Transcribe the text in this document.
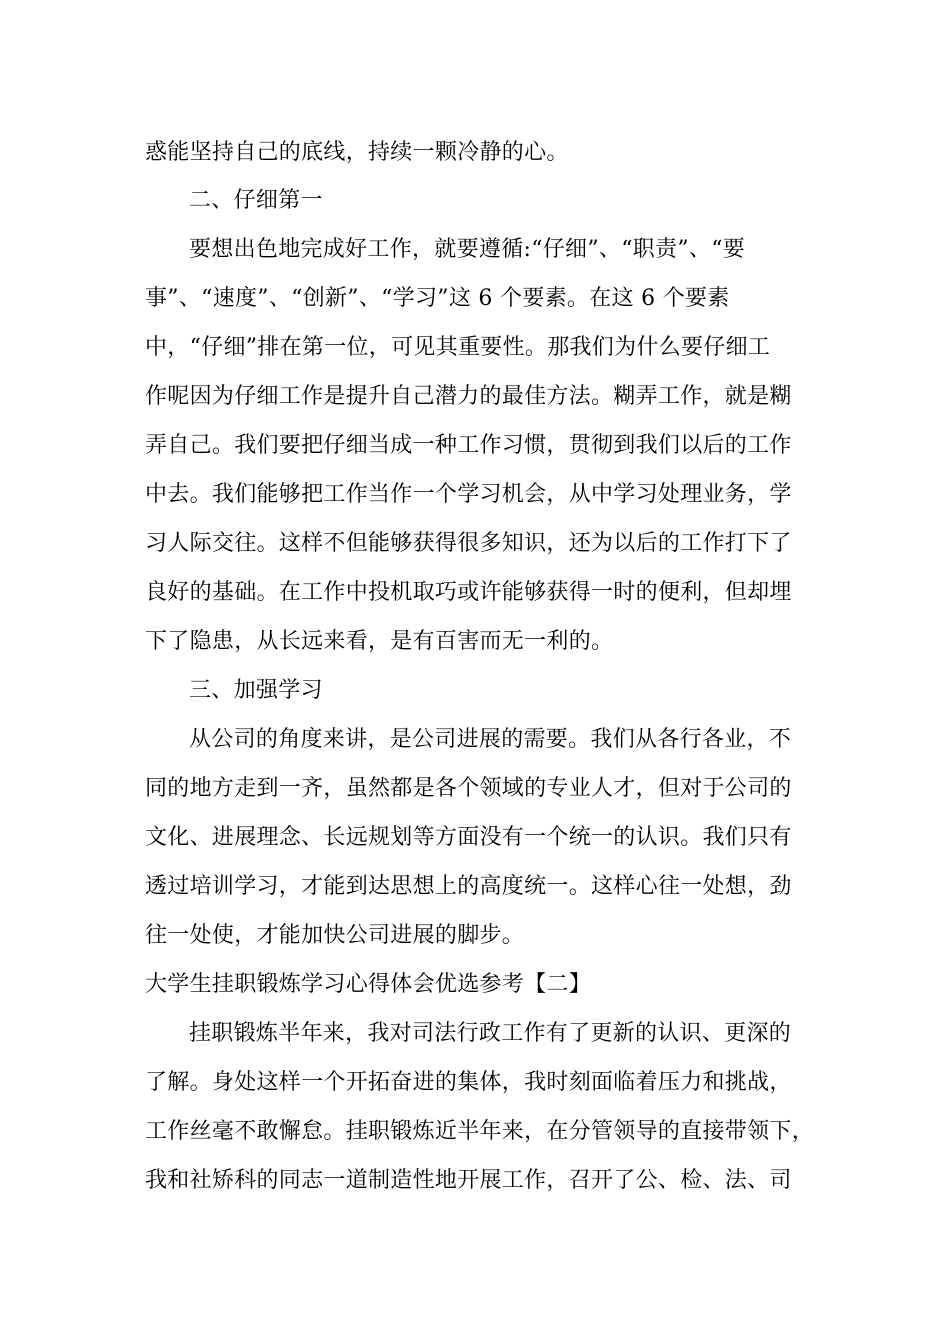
惑能坚持自己的底线，持续一颗冷静的心。
二、仔细第一
要想出色地完成好工作，就要遵循:“仔细”、“职责”、“要
事”、“速度”、“创新”、“学习”这 6 个要素。在这 6 个要素
中，“仔细”排在第一位，可见其重要性。那我们为什么要仔细工
作呢因为仔细工作是提升自己潜力的最佳方法。糊弄工作，就是糊
弄自己。我们要把仔细当成一种工作习惯，贯彻到我们以后的工作
中去。我们能够把工作当作一个学习机会，从中学习处理业务，学
习人际交往。这样不但能够获得很多知识，还为以后的工作打下了
良好的基础。在工作中投机取巧或许能够获得一时的便利，但却埋
下了隐患，从长远来看，是有百害而无一利的。
三、加强学习
从公司的角度来讲，是公司进展的需要。我们从各行各业，不
同的地方走到一齐，虽然都是各个领域的专业人才，但对于公司的
文化、进展理念、长远规划等方面没有一个统一的认识。我们只有
透过培训学习，才能到达思想上的高度统一。这样心往一处想，劲
往一处使，才能加快公司进展的脚步。
大学生挂职锻炼学习心得体会优选参考【二】
挂职锻炼半年来，我对司法行政工作有了更新的认识、更深的
了解。身处这样一个开拓奋进的集体，我时刻面临着压力和挑战，
工作丝毫不敢懈怠。挂职锻炼近半年来，在分管领导的直接带领下，
我和社矫科的同志一道制造性地开展工作，召开了公、检、法、司
